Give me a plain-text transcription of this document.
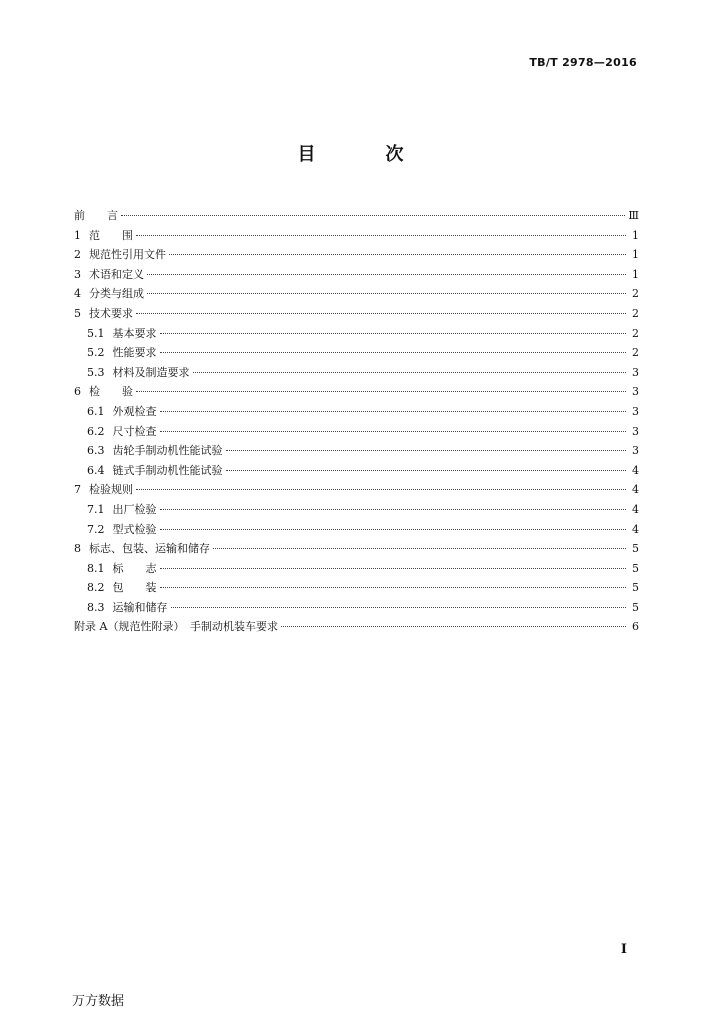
TB/T 2978—2016
目　次
前　　言	Ⅲ
1 范　　围	1
2 规范性引用文件	1
3 术语和定义	1
4 分类与组成	2
5 技术要求	2
5.1 基本要求	2
5.2 性能要求	2
5.3 材料及制造要求	3
6 检　　验	3
6.1 外观检查	3
6.2 尺寸检查	3
6.3 齿轮手制动机性能试验	3
6.4 链式手制动机性能试验	4
7 检验规则	4
7.1 出厂检验	4
7.2 型式检验	4
8 标志、包装、运输和储存	5
8.1 标　　志	5
8.2 包　　装	5
8.3 运输和储存	5
附录 A（规范性附录）　手制动机装车要求	6
I
万方数据
